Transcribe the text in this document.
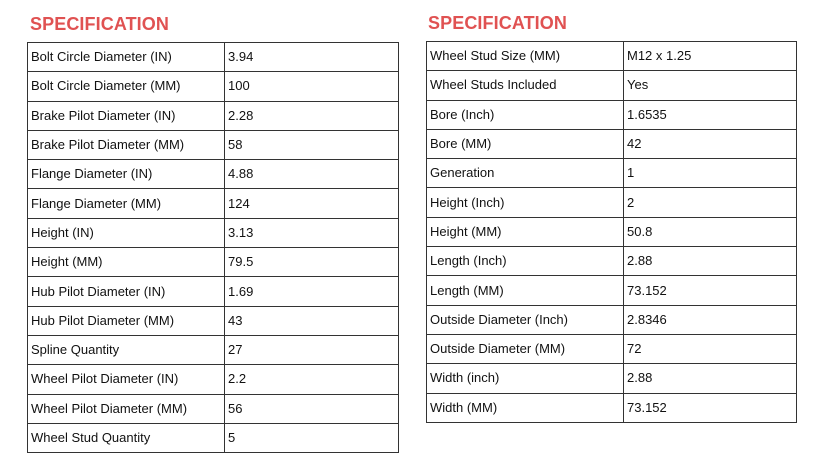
SPECIFICATION
Bolt Circle Diameter (IN)	3.94
Bolt Circle Diameter (MM)	100
Brake Pilot Diameter (IN)	2.28
Brake Pilot Diameter (MM)	58
Flange Diameter (IN)	4.88
Flange Diameter (MM)	124
Height (IN)	3.13
Height (MM)	79.5
Hub Pilot Diameter (IN)	1.69
Hub Pilot Diameter (MM)	43
Spline Quantity	27
Wheel Pilot Diameter (IN)	2.2
Wheel Pilot Diameter (MM)	56
Wheel Stud Quantity	5
SPECIFICATION
Wheel Stud Size (MM)	M12 x 1.25
Wheel Studs Included	Yes
Bore (Inch)	1.6535
Bore (MM)	42
Generation	1
Height (Inch)	2
Height (MM)	50.8
Length (Inch)	2.88
Length (MM)	73.152
Outside Diameter (Inch)	2.8346
Outside Diameter (MM)	72
Width (inch)	2.88
Width (MM)	73.152
